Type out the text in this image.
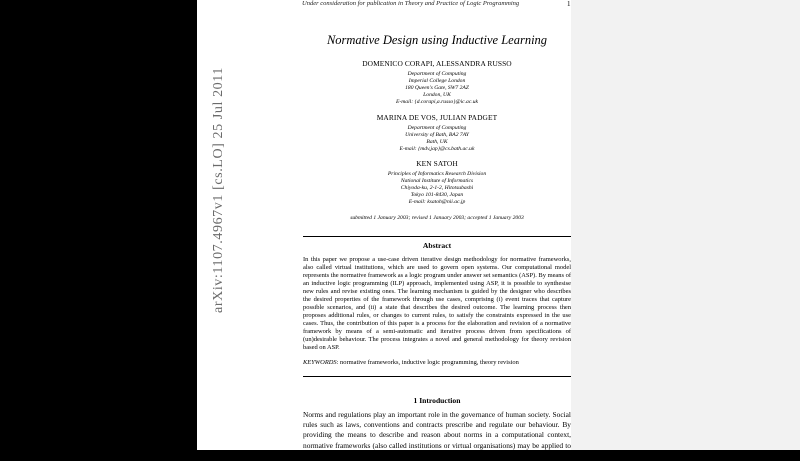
Under consideration for publication in Theory and Practice of Logic Programming	1
Normative Design using Inductive Learning
DOMENICO CORAPI, ALESSANDRA RUSSO
Department of Computing
Imperial College London
180 Queen's Gate, SW7 2AZ
London, UK
E-mail: {d.corapi,a.russo}@ic.ac.uk
MARINA DE VOS, JULIAN PADGET
Department of Computing
University of Bath, BA2 7AY
Bath, UK
E-mail: {mdv,jap}@cs.bath.ac.uk
KEN SATOH
Principles of Informatics Research Division
National Institute of Informatics
Chiyoda-ku, 2-1-2, Hitotsubashi
Tokyo 101-8430, Japan
E-mail: ksatoh@nii.ac.jp
submitted 1 January 2003; revised 1 January 2003; accepted 1 January 2003
Abstract
In this paper we propose a use-case driven iterative design methodology for normative frameworks, also called virtual institutions, which are used to govern open systems. Our computational model represents the normative framework as a logic program under answer set semantics (ASP). By means of an inductive logic programming (ILP) approach, implemented using ASP, it is possible to synthesise new rules and revise existing ones. The learning mechanism is guided by the designer who describes the desired properties of the framework through use cases, comprising (i) event traces that capture possible scenarios, and (ii) a state that describes the desired outcome. The learning process then proposes additional rules, or changes to current rules, to satisfy the constraints expressed in the use cases. Thus, the contribution of this paper is a process for the elaboration and revision of a normative framework by means of a semi-automatic and iterative process driven from specifications of (un)desirable behaviour. The process integrates a novel and general methodology for theory revision based on ASP.
KEYWORDS: normative frameworks, inductive logic programming, theory revision
1 Introduction
Norms and regulations play an important role in the governance of human society. Social rules such as laws, conventions and contracts prescribe and regulate our behaviour. By providing the means to describe and reason about norms in a computational context, normative frameworks (also called institutions or virtual organisations) may be applied to software
arXiv:1107.4967v1 [cs.LO] 25 Jul 2011
